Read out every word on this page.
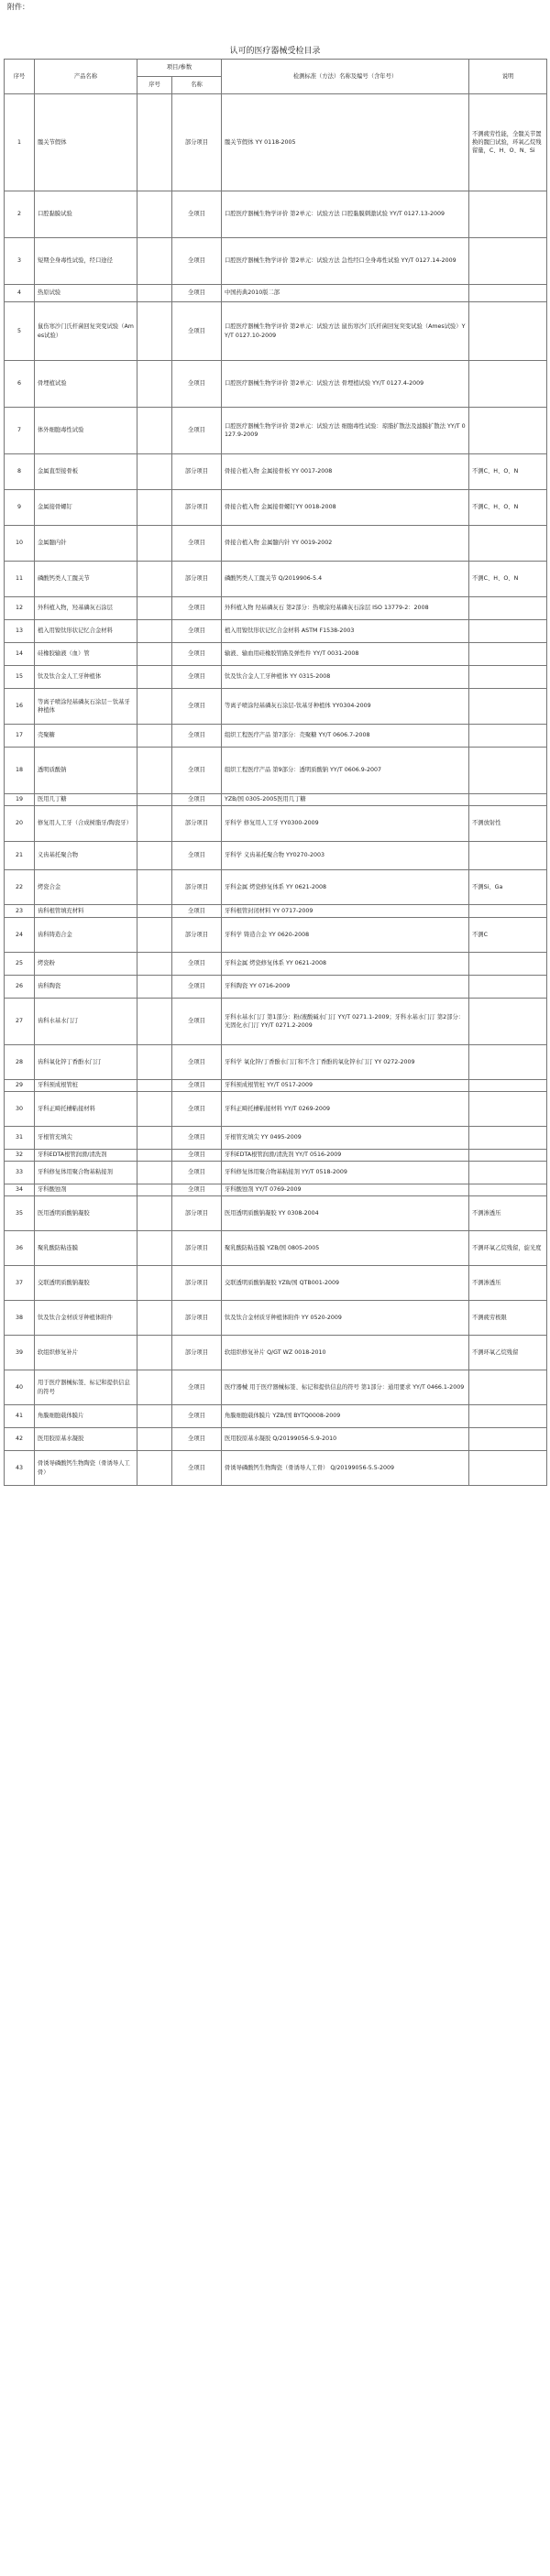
附件：
认可的医疗器械受检目录
序号	产品名称	项目/参数		检测标准（方法）名称及编号（含年号）	说明
		序号	名称		
1	髋关节假体		部分项目	髋关节假体 YY 0118-2005	不测疲劳性能，全髋关节置换的髋臼试验，环氧乙烷残留量，C、H、O、N、Si
2	口腔黏膜试验		全项目	口腔医疗器械生物学评价 第2单元：试验方法 口腔黏膜刺激试验 YY/T 0127.13-2009	
3	短期全身毒性试验，经口途径		全项目	口腔医疗器械生物学评价 第2单元：试验方法 急性经口全身毒性试验 YY/T 0127.14-2009	
4	热原试验		全项目	中国药典2010版二部	
5	鼠伤寒沙门氏杆菌回复突变试验（Ames试验）		全项目	口腔医疗器械生物学评价 第2单元：试验方法 鼠伤寒沙门氏杆菌回复突变试验（Ames试验）YY/T 0127.10-2009	
6	骨埋植试验		全项目	口腔医疗器械生物学评价 第2单元：试验方法 骨埋植试验 YY/T 0127.4-2009	
7	体外细胞毒性试验		全项目	口腔医疗器械生物学评价 第2单元：试验方法 细胞毒性试验：琼脂扩散法及滤膜扩散法 YY/T 0127.9-2009	
8	金属直型接骨板		部分项目	骨接合植入物 金属接骨板 YY 0017-2008	不测C、H、O、N
9	金属接骨螺钉		部分项目	骨接合植入物 金属接骨螺钉YY 0018-2008	不测C、H、O、N
10	金属髓内针		全项目	骨接合植入物 金属髓内针 YY 0019-2002	
11	磷酸钙类人工髋关节		部分项目	磷酸钙类人工髋关节 Q/2019906-5.4	不测C、H、O、N
12	外科植入物，羟基磷灰石涂层		全项目	外科植入物 羟基磷灰石 第2部分：热喷涂羟基磷灰石涂层 ISO 13779-2：2008	
13	植入用镍钛形状记忆合金材料		全项目	植入用镍钛形状记忆合金材料 ASTM F1538-2003	
14	硅橡胶输液（血）管		全项目	输液、输血用硅橡胶管路及弹性件 YY/T 0031-2008	
15	钛及钛合金人工牙种植体		全项目	钛及钛合金人工牙种植体 YY 0315-2008	
16	等离子喷涂羟基磷灰石涂层－钛基牙种植体		全项目	等离子喷涂羟基磷灰石涂层-钛基牙种植体 YY0304-2009	
17	壳聚糖		全项目	组织工程医疗产品 第7部分：壳聚糖 YY/T 0606.7-2008	
18	透明质酸钠		全项目	组织工程医疗产品 第9部分：透明质酸钠 YY/T 0606.9-2007	
19	医用几丁糖		全项目	YZB/国 0305-2005医用几丁糖	
20	修复用人工牙（合成树脂牙/陶瓷牙）		部分项目	牙科学 修复用人工牙 YY0300-2009	不测放射性
21	义齿基托聚合物		全项目	牙科学 义齿基托聚合物 YY0270-2003	
22	烤瓷合金		部分项目	牙科金属 烤瓷修复体系 YY 0621-2008	不测Si、Ga
23	齿科根管填充材料		全项目	牙科根管封闭材料 YY 0717-2009	
24	齿科铸造合金		部分项目	牙科学 铸造合金 YY 0620-2008	不测C
25	烤瓷粉		全项目	牙科金属 烤瓷修复体系 YY 0621-2008	
26	齿科陶瓷		全项目	牙科陶瓷 YY 0716-2009	
27	齿科水基水门汀		全项目	牙科水基水门汀 第1部分：粉/液酸碱水门汀 YY/T 0271.1-2009；牙科水基水门汀 第2部分：光固化水门汀 YY/T 0271.2-2009	
28	齿科氧化锌丁香酚水门汀		全项目	牙科学 氧化锌/丁香酚水门汀和不含丁香酚的氧化锌水门汀 YY 0272-2009	
29	牙科预成根管桩		全项目	牙科预成根管桩 YY/T 0517-2009	
30	牙科正畸托槽粘接材料		全项目	牙科正畸托槽粘接材料 YY/T 0269-2009	
31	牙根管充填尖		全项目	牙根管充填尖 YY 0495-2009	
32	牙科EDTA根管润滑/清洗剂		全项目	牙科EDTA根管润滑/清洗剂 YY/T 0516-2009	
33	牙科修复体用聚合物基粘接剂		全项目	牙科修复体用聚合物基粘接剂 YY/T 0518-2009	
34	牙科酸蚀剂		全项目	牙科酸蚀剂 YY/T 0769-2009	
35	医用透明质酸钠凝胶		部分项目	医用透明质酸钠凝胶 YY 0308-2004	不测渗透压
36	聚乳酸防粘连膜		部分项目	聚乳酸防粘连膜 YZB/国 0805-2005	不测环氧乙烷残留，旋光度
37	交联透明质酸钠凝胶		部分项目	交联透明质酸钠凝胶 YZB/国 QTB001-2009	不测渗透压
38	钛及钛合金材质牙种植体附件		部分项目	钛及钛合金材质牙种植体附件 YY 0520-2009	不测疲劳极限
39	软组织修复补片		部分项目	软组织修复补片 Q/GT WZ 0018-2010	不测环氧乙烷残留
40	用于医疗器械标签、标记和提供信息的符号		全项目	医疗器械 用于医疗器械标签、标记和提供信息的符号 第1部分：通用要求 YY/T 0466.1-2009	
41	角膜细胞载体膜片		全项目	角膜细胞载体膜片 YZB/国 BYTQ0008-2009	
42	医用胶原基水凝胶		全项目	医用胶原基水凝胶 Q/20199056-5.9-2010	
43	骨诱导磷酸钙生物陶瓷（骨诱导人工骨）		全项目	骨诱导磷酸钙生物陶瓷（骨诱导人工骨） Q/20199056-5.5-2009	
